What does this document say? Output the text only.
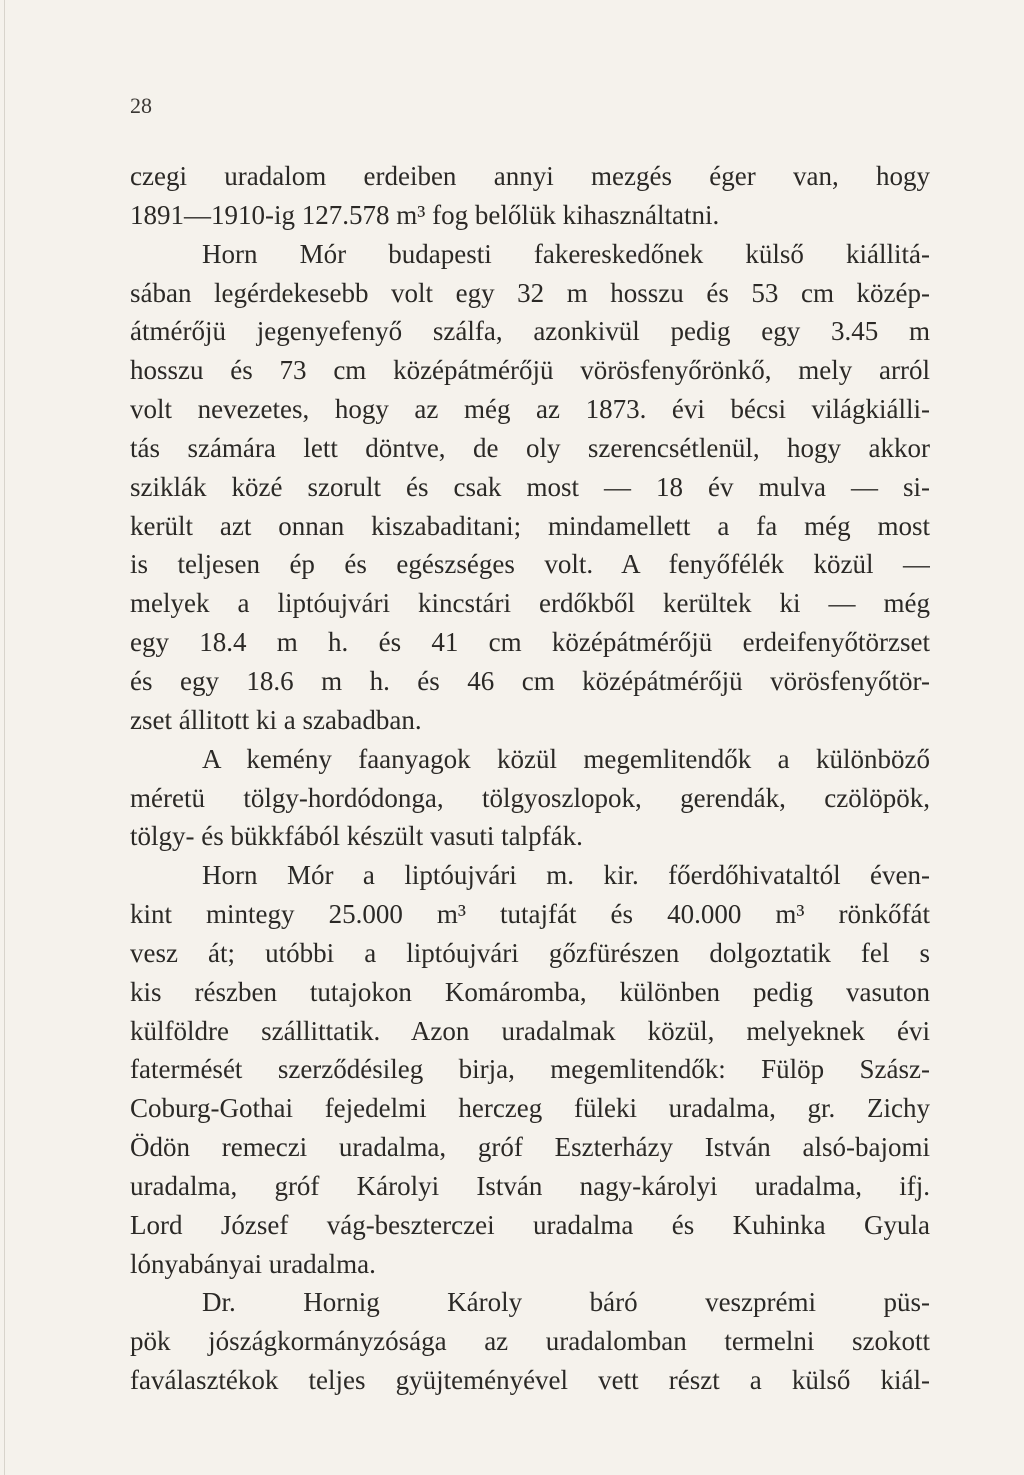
28
czegi uradalom erdeiben annyi mezgés éger van, hogy
1891—1910-ig 127.578 m³ fog belőlük kihasználtatni.
Horn Mór budapesti fakereskedőnek külső kiállitá-
sában legérdekesebb volt egy 32 m hosszu és 53 cm közép-
átmérőjü jegenyefenyő szálfa, azonkivül pedig egy 3.45 m
hosszu és 73 cm középátmérőjü vörösfenyőrönkő, mely arról
volt nevezetes, hogy az még az 1873. évi bécsi világkiálli-
tás számára lett döntve, de oly szerencsétlenül, hogy akkor
sziklák közé szorult és csak most — 18 év mulva — si-
került azt onnan kiszabaditani; mindamellett a fa még most
is teljesen ép és egészséges volt. A fenyőfélék közül —
melyek a liptóujvári kincstári erdőkből kerültek ki — még
egy 18.4 m h. és 41 cm középátmérőjü erdeifenyőtörzset
és egy 18.6 m h. és 46 cm középátmérőjü vörösfenyőtör-
zset állitott ki a szabadban.
A kemény faanyagok közül megemlitendők a különböző
méretü tölgy-hordódonga, tölgyoszlopok, gerendák, czölöpök,
tölgy- és bükkfából készült vasuti talpfák.
Horn Mór a liptóujvári m. kir. főerdőhivataltól éven-
kint mintegy 25.000 m³ tutajfát és 40.000 m³ rönkőfát
vesz át; utóbbi a liptóujvári gőzfürészen dolgoztatik fel s
kis részben tutajokon Komáromba, különben pedig vasuton
külföldre szállittatik. Azon uradalmak közül, melyeknek évi
fatermését szerződésileg birja, megemlitendők: Fülöp Szász-
Coburg-Gothai fejedelmi herczeg füleki uradalma, gr. Zichy
Ödön remeczi uradalma, gróf Eszterházy István alsó-bajomi
uradalma, gróf Károlyi István nagy-károlyi uradalma, ifj.
Lord József vág-beszterczei uradalma és Kuhinka Gyula
lónyabányai uradalma.
Dr. Hornig Károly báró veszprémi püs-
pök jószágkormányzósága az uradalomban termelni szokott
faválasztékok teljes gyüjteményével vett részt a külső kiál-
